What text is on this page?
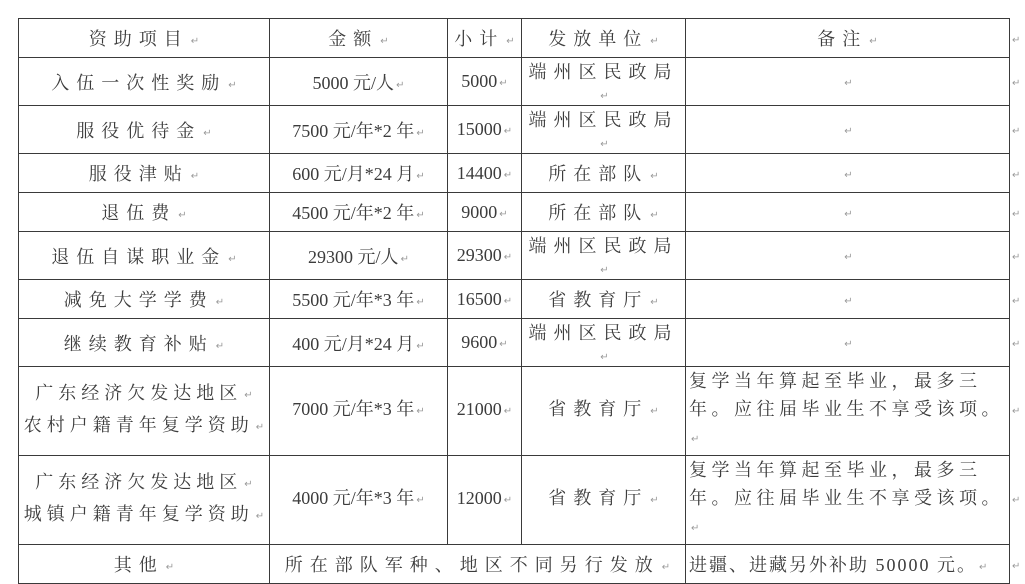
资助项目 ↵	金额 ↵	小计 ↵	发放单位 ↵	备注 ↵	↵
入伍一次性奖励 ↵	5000 元/人 ↵	5000 ↵	端州区民政局↵	↵	↵
服役优待金 ↵	7500 元/年*2 年 ↵	15000 ↵	端州区民政局↵	↵	↵
服役津贴 ↵	600 元/月*24 月 ↵	14400 ↵	所在部队 ↵	↵	↵
退伍费 ↵	4500 元/年*2 年 ↵	9000 ↵	所在部队 ↵	↵	↵
退伍自谋职业金 ↵	29300 元/人 ↵	29300 ↵	端州区民政局↵	↵	↵
减免大学学费 ↵	5500 元/年*3 年 ↵	16500 ↵	省教育厅 ↵	↵	↵
继续教育补贴 ↵	400 元/月*24 月 ↵	9600 ↵	端州区民政局↵	↵	↵
广东经济欠发达地区 ↵
农村户籍青年复学资助 ↵	7000 元/年*3 年 ↵	21000 ↵	省教育厅 ↵	复学当年算起至毕业，最多三
年。应往届毕业生不享受该项。↵	↵
广东经济欠发达地区 ↵
城镇户籍青年复学资助 ↵	4000 元/年*3 年 ↵	12000 ↵	省教育厅 ↵	复学当年算起至毕业，最多三
年。应往届毕业生不享受该项。↵	↵
其他 ↵	所在部队军种、地区不同另行发放 ↵			进疆、进藏另外补助 50000 元。 ↵	↵
